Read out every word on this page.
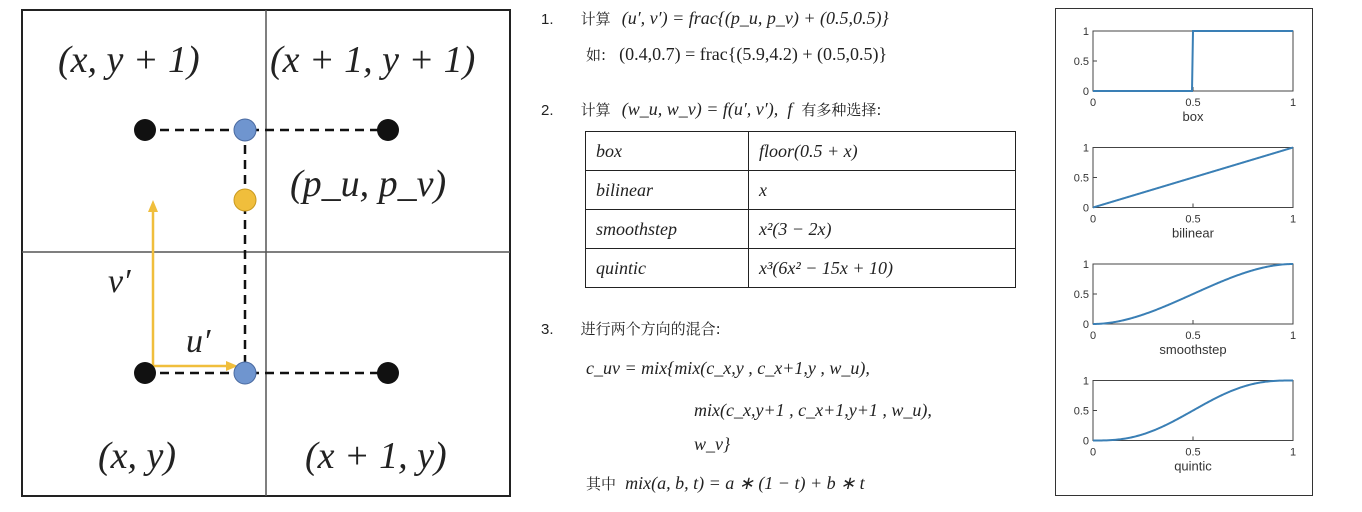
(x, y + 1) (x + 1, y + 1)
(p_u, p_v)
v′
u′
(x, y)	(x + 1, y)
1. 计算 (u′, v′) = frac{(p_u, p_v) + (0.5,0.5)}
如: (0.4,0.7) = frac{(5.9,4.2) + (0.5,0.5)}
2. 计算 (w_u, w_v) = f(u′, v′), f 有多种选择:
box	floor(0.5 + x)
bilinear	x
smoothstep	x²(3 − 2x)
quintic	x³(6x² − 15x + 10)
3. 进行两个方向的混合:
c_uv = mix{mix(c_x,y , c_x+1,y , w_u),
mix(c_x,y+1 , c_x+1,y+1 , w_u),
w_v}
其中 mix(a, b, t) = a ∗ (1 − t) + b ∗ t
1
0.5
0
0	0.5	1
box
1
0.5
0
0	0.5	1
bilinear
1
0.5
0
0	0.5	1
smoothstep
1
0.5
0
0	0.5	1
quintic
